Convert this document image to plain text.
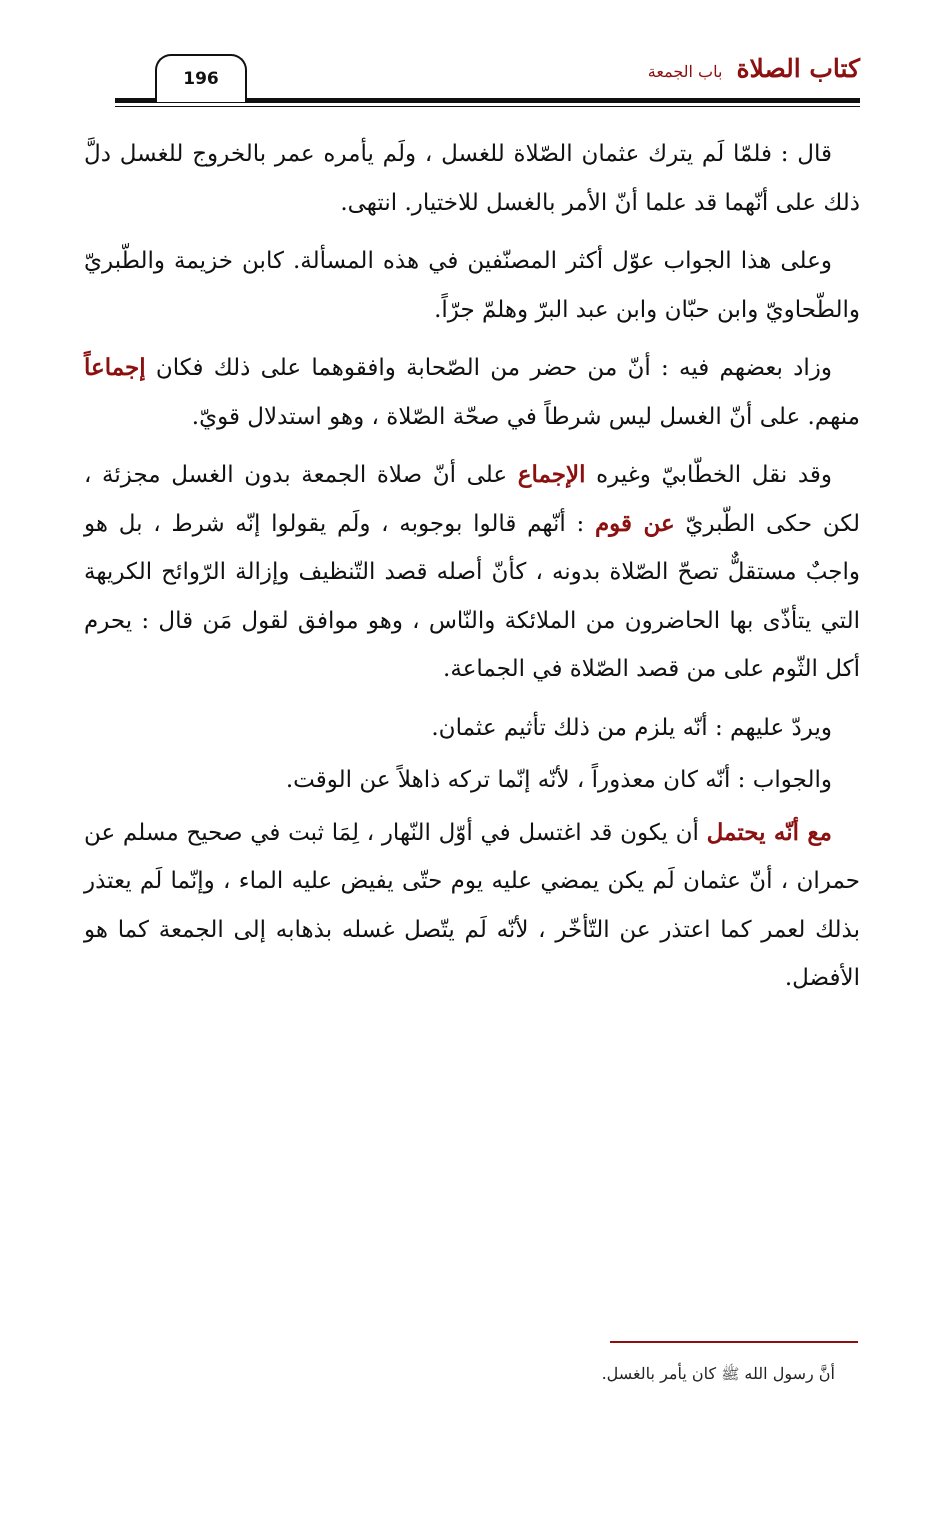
كتاب الصلاة
باب الجمعة
196

قال : فلمّا لَم يترك عثمان الصّلاة للغسل ، ولَم يأمره عمر بالخروج للغسل دلَّ ذلك على أنّهما قد علما أنّ الأمر بالغسل للاختيار. انتهى.

وعلى هذا الجواب عوّل أكثر المصنّفين في هذه المسألة. كابن خزيمة والطّبريّ والطّحاويّ وابن حبّان وابن عبد البرّ وهلمّ جرّاً.

وزاد بعضهم فيه : أنّ من حضر من الصّحابة وافقوهما على ذلك فكان إجماعاً منهم. على أنّ الغسل ليس شرطاً في صحّة الصّلاة ، وهو استدلال قويّ.

وقد نقل الخطّابيّ وغيره الإجماع على أنّ صلاة الجمعة بدون الغسل مجزئة ، لكن حكى الطّبريّ عن قوم : أنّهم قالوا بوجوبه ، ولَم يقولوا إنّه شرط ، بل هو واجبٌ مستقلٌّ تصحّ الصّلاة بدونه ، كأنّ أصله قصد التّنظيف وإزالة الرّوائح الكريهة التي يتأذّى بها الحاضرون من الملائكة والنّاس ، وهو موافق لقول مَن قال : يحرم أكل الثّوم على من قصد الصّلاة في الجماعة.

ويردّ عليهم : أنّه يلزم من ذلك تأثيم عثمان.

والجواب : أنّه كان معذوراً ، لأنّه إنّما تركه ذاهلاً عن الوقت.

مع أنّه يحتمل أن يكون قد اغتسل في أوّل النّهار ، لِمَا ثبت في صحيح مسلم عن حمران ، أنّ عثمان لَم يكن يمضي عليه يوم حتّى يفيض عليه الماء ، وإنّما لَم يعتذر بذلك لعمر كما اعتذر عن التّأخّر ، لأنّه لَم يتّصل غسله بذهابه إلى الجمعة كما هو الأفضل.

أنَّ رسول الله ﷺ كان يأمر بالغسل.
